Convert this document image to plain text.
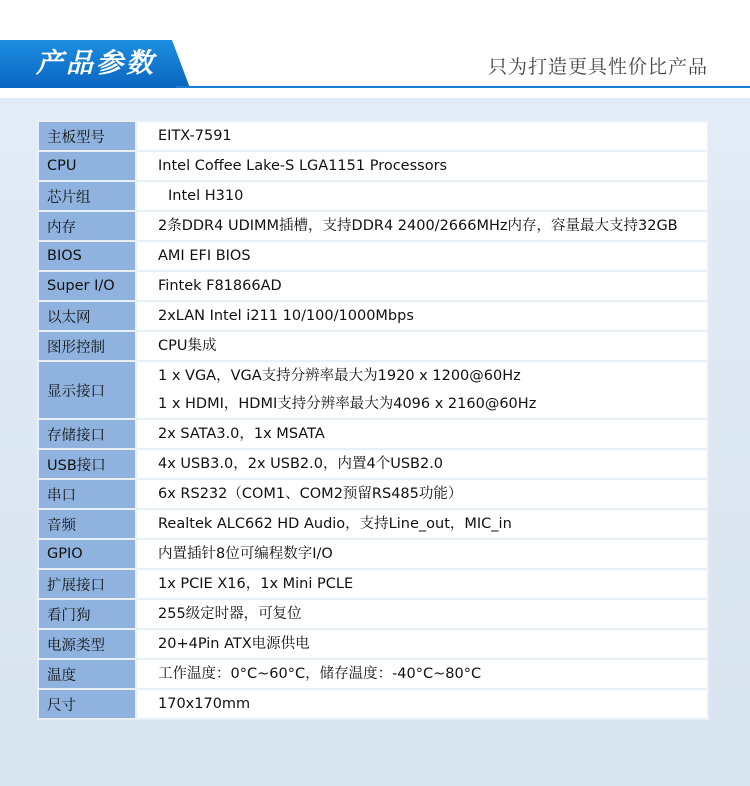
产品参数	只为打造更具性价比产品
主板型号	EITX-7591

CPU	Intel Coffee Lake-S LGA1151 Processors

芯片组	Intel H310

内存	2条DDR4 UDIMM插槽，支持DDR4 2400/2666MHz内存，容量最大支持32GB

BIOS	AMI EFI BIOS

Super I/O	Fintek F81866AD

以太网	2xLAN Intel i211 10/100/1000Mbps

图形控制	CPU集成

显示接口	1 x VGA，VGA支持分辨率最大为1920 x 1200@60Hz
1 x HDMI，HDMI支持分辨率最大为4096 x 2160@60Hz

存储接口	2x SATA3.0，1x MSATA

USB接口	4x USB3.0，2x USB2.0，内置4个USB2.0

串口	6x RS232（COM1、COM2预留RS485功能）

音频	Realtek ALC662 HD Audio，支持Line_out，MIC_in

GPIO	内置插针8位可编程数字I/O

扩展接口	1x PCIE X16，1x Mini PCLE

看门狗	255级定时器，可复位

电源类型	20+4Pin ATX电源供电

温度	工作温度：0°C~60°C，储存温度：-40°C~80°C

尺寸	170x170mm
